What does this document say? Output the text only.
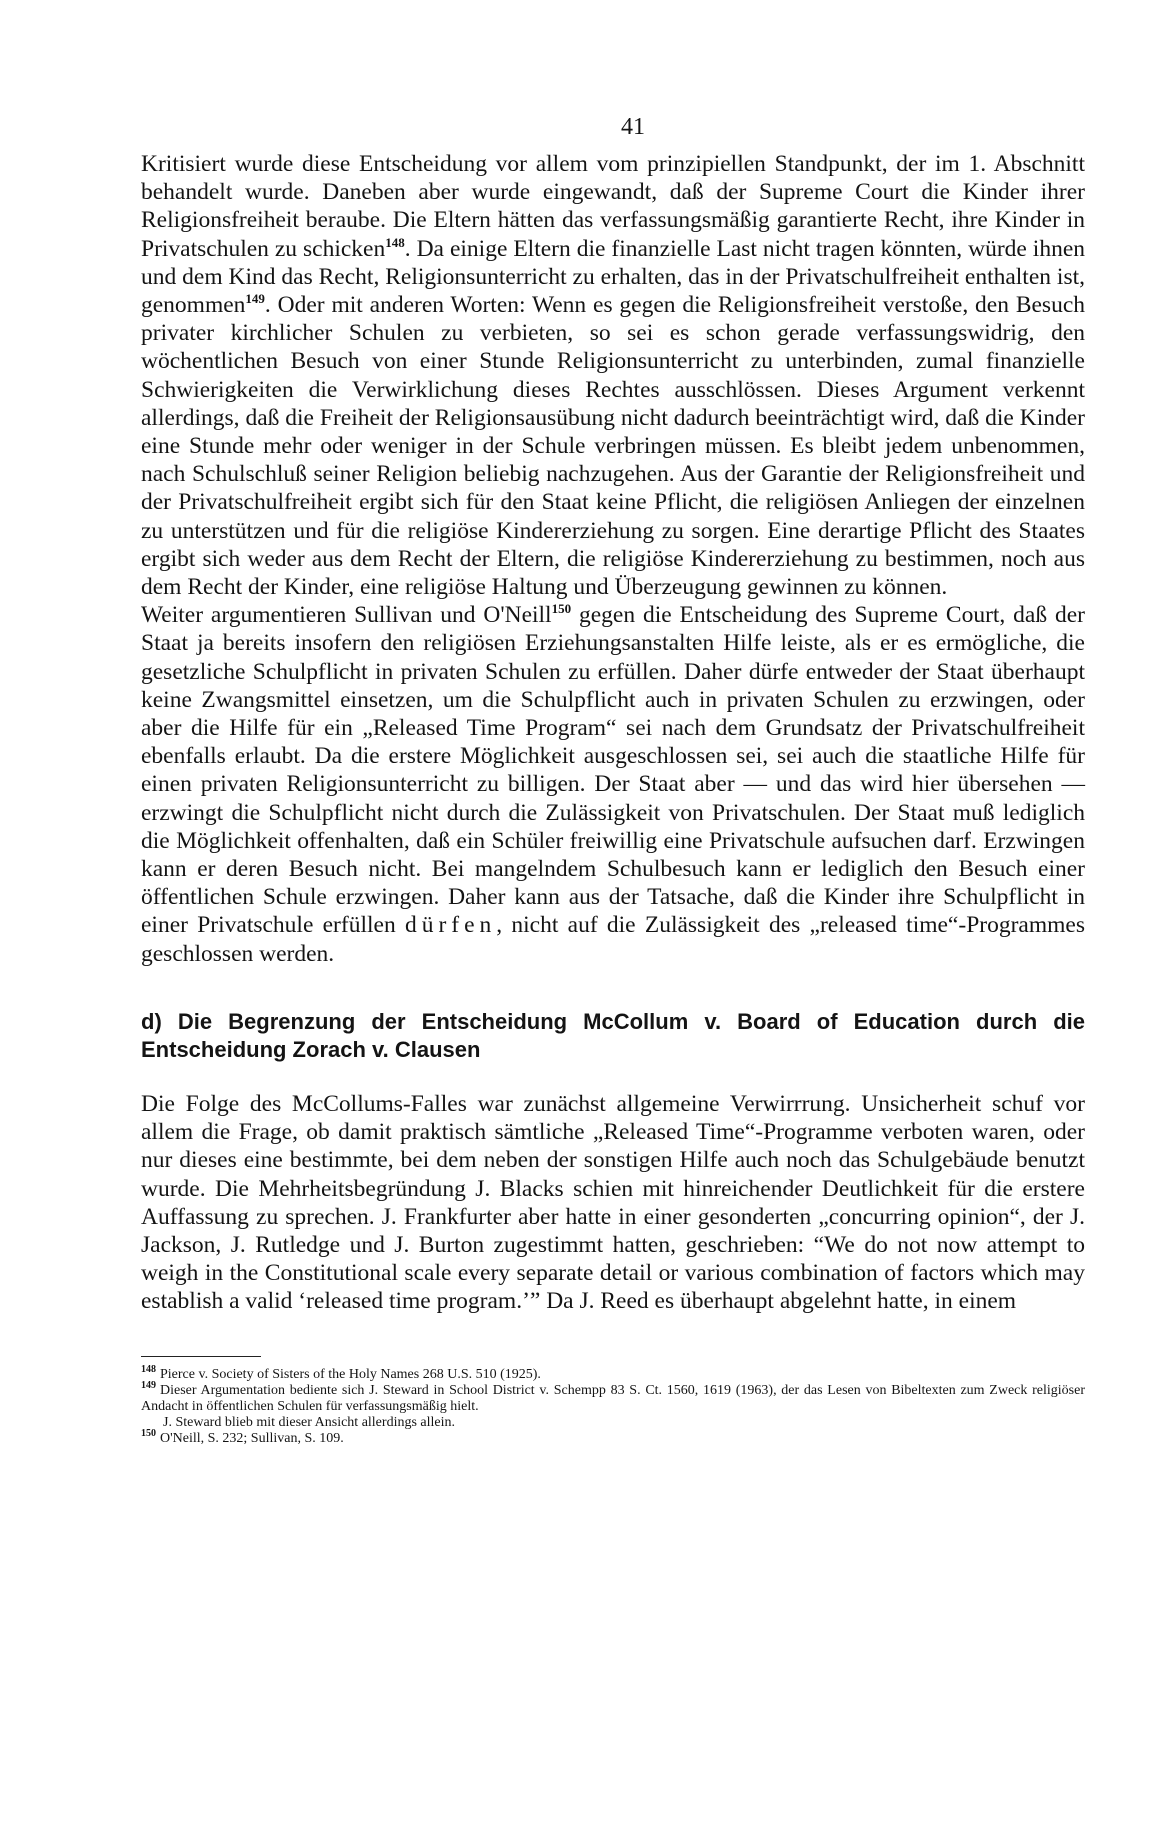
41

Kritisiert wurde diese Entscheidung vor allem vom prinzipiellen Standpunkt, der im 1. Abschnitt behandelt wurde. Daneben aber wurde eingewandt, daß der Supreme Court die Kinder ihrer Religionsfreiheit beraube. Die Eltern hätten das verfassungsmäßig garantierte Recht, ihre Kinder in Privatschulen zu schicken$^{148}$. Da einige Eltern die finanzielle Last nicht tragen könnten, würde ihnen und dem Kind das Recht, Religionsunterricht zu erhalten, das in der Privatschulfreiheit enthalten ist, genommen$^{149}$. Oder mit anderen Worten: Wenn es gegen die Religionsfreiheit verstoße, den Besuch privater kirchlicher Schulen zu verbieten, so sei es schon gerade verfassungswidrig, den wöchentlichen Besuch von einer Stunde Religionsunterricht zu unterbinden, zumal finanzielle Schwierigkeiten die Verwirklichung dieses Rechtes ausschlössen. Dieses Argument verkennt allerdings, daß die Freiheit der Religionsausübung nicht dadurch beeinträchtigt wird, daß die Kinder eine Stunde mehr oder weniger in der Schule verbringen müssen. Es bleibt jedem unbenommen, nach Schulschluß seiner Religion beliebig nachzugehen. Aus der Garantie der Religionsfreiheit und der Privatschulfreiheit ergibt sich für den Staat keine Pflicht, die religiösen Anliegen der einzelnen zu unterstützen und für die religiöse Kindererziehung zu sorgen. Eine derartige Pflicht des Staates ergibt sich weder aus dem Recht der Eltern, die religiöse Kindererziehung zu bestimmen, noch aus dem Recht der Kinder, eine religiöse Haltung und Überzeugung gewinnen zu können.

Weiter argumentieren Sullivan und O'Neill$^{150}$ gegen die Entscheidung des Supreme Court, daß der Staat ja bereits insofern den religiösen Erziehungsanstalten Hilfe leiste, als er es ermögliche, die gesetzliche Schulpflicht in privaten Schulen zu erfüllen. Daher dürfe entweder der Staat überhaupt keine Zwangsmittel einsetzen, um die Schulpflicht auch in privaten Schulen zu erzwingen, oder aber die Hilfe für ein „Released Time Program“ sei nach dem Grundsatz der Privatschulfreiheit ebenfalls erlaubt. Da die erstere Möglichkeit ausgeschlossen sei, sei auch die staatliche Hilfe für einen privaten Religionsunterricht zu billigen. Der Staat aber — und das wird hier übersehen — erzwingt die Schulpflicht nicht durch die Zulässigkeit von Privatschulen. Der Staat muß lediglich die Möglichkeit offenhalten, daß ein Schüler freiwillig eine Privatschule aufsuchen darf. Erzwingen kann er deren Besuch nicht. Bei mangelndem Schulbesuch kann er lediglich den Besuch einer öffentlichen Schule erzwingen. Daher kann aus der Tatsache, daß die Kinder ihre Schulpflicht in einer Privatschule erfüllen dürfen, nicht auf die Zulässigkeit des „released time“-Programmes geschlossen werden.

d) Die Begrenzung der Entscheidung McCollum v. Board of Education durch die Entscheidung Zorach v. Clausen

Die Folge des McCollums-Falles war zunächst allgemeine Verwirrrung. Unsicherheit schuf vor allem die Frage, ob damit praktisch sämtliche „Released Time“-Programme verboten waren, oder nur dieses eine bestimmte, bei dem neben der sonstigen Hilfe auch noch das Schulgebäude benutzt wurde. Die Mehrheitsbegründung J. Blacks schien mit hinreichender Deutlichkeit für die erstere Auffassung zu sprechen. J. Frankfurter aber hatte in einer gesonderten „concurring opinion“, der J. Jackson, J. Rutledge und J. Burton zugestimmt hatten, geschrieben: “We do not now attempt to weigh in the Constitutional scale every separate detail or various combination of factors which may establish a valid ‘released time program.’” Da J. Reed es überhaupt abgelehnt hatte, in einem

$^{148}$ Pierce v. Society of Sisters of the Holy Names 268 U.S. 510 (1925).

$^{149}$ Dieser Argumentation bediente sich J. Steward in School District v. Schempp 83 S. Ct. 1560, 1619 (1963), der das Lesen von Bibeltexten zum Zweck religiöser Andacht in öffentlichen Schulen für verfassungsmäßig hielt.

J. Steward blieb mit dieser Ansicht allerdings allein.

$^{150}$ O'Neill, S. 232; Sullivan, S. 109.
